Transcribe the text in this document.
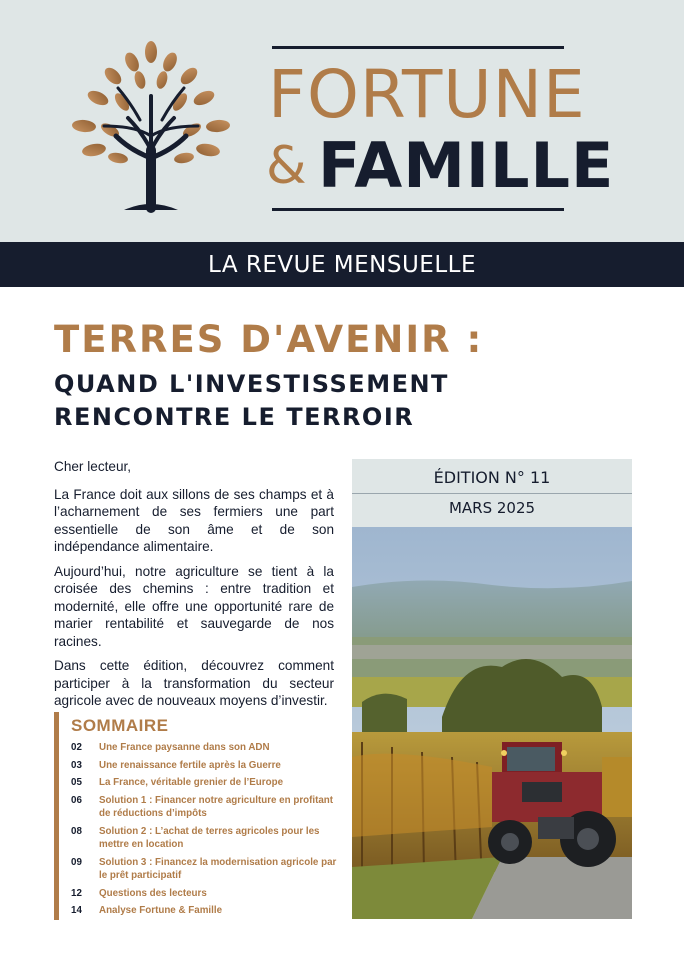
FORTUNE
& FAMILLE
LA REVUE MENSUELLE
TERRES D'AVENIR :
QUAND L'INVESTISSEMENT
RENCONTRE LE TERROIR

Cher lecteur,

La France doit aux sillons de ses champs et à l’acharnement de ses fermiers une part essentielle de son âme et de son indépendance alimentaire.

Aujourd’hui, notre agriculture se tient à la croisée des chemins : entre tradition et modernité, elle offre une opportunité rare de marier rentabilité et sauvegarde de nos racines.

Dans cette édition, découvrez comment participer à la transformation du secteur agricole avec de nouveaux moyens d’investir.

SOMMAIRE
02 Une France paysanne dans son ADN
03 Une renaissance fertile après la Guerre
05 La France, véritable grenier de l’Europe
06 Solution 1 : Financer notre agriculture en profitant de réductions d’impôts
08 Solution 2 : L’achat de terres agricoles pour les mettre en location
09 Solution 3 : Financez la modernisation agricole par le prêt participatif
12 Questions des lecteurs
14 Analyse Fortune & Famille
ÉDITION N° 11
MARS 2025
